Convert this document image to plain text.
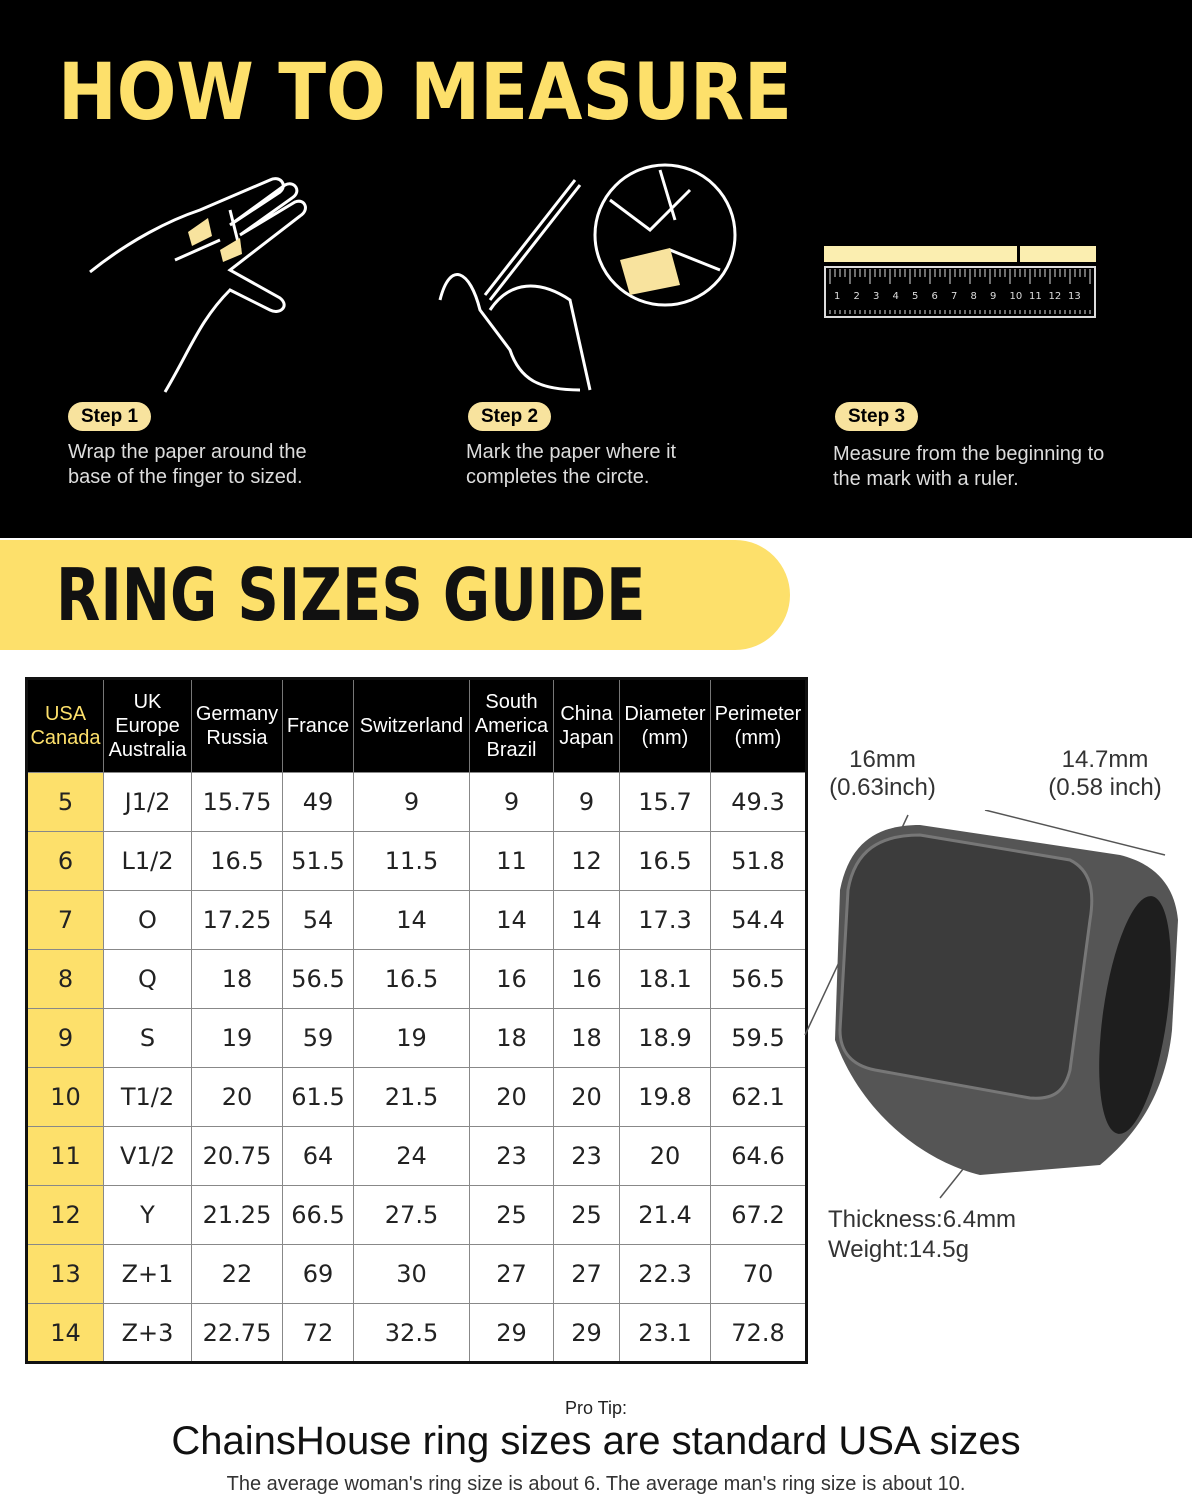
HOW TO MEASURE
1 2 3 4 5 6 7 8 9 10 11 12 13
Step 1
Wrap the paper around the base of the finger to sized.
Step 2
Mark the paper where it completes the circte.
Step 3
Measure from the beginning to the mark with a ruler.
RING SIZES GUIDE
USA Canada	UK Europe Australia	Germany Russia	France	Switzerland	South America Brazil	China Japan	Diameter (mm)	Perimeter (mm)
5	J1/2	15.75	49	9	9	9	15.7	49.3
6	L1/2	16.5	51.5	11.5	11	12	16.5	51.8
7	O	17.25	54	14	14	14	17.3	54.4
8	Q	18	56.5	16.5	16	16	18.1	56.5
9	S	19	59	19	18	18	18.9	59.5
10	T1/2	20	61.5	21.5	20	20	19.8	62.1
11	V1/2	20.75	64	24	23	23	20	64.6
12	Y	21.25	66.5	27.5	25	25	21.4	67.2
13	Z+1	22	69	30	27	27	22.3	70
14	Z+3	22.75	72	32.5	29	29	23.1	72.8
16mm (0.63inch)
14.7mm (0.58 inch)
Thickness:6.4mm
Weight:14.5g
Pro Tip:
ChainsHouse ring sizes are standard USA sizes
The average woman's ring size is about 6. The average man's ring size is about 10.
